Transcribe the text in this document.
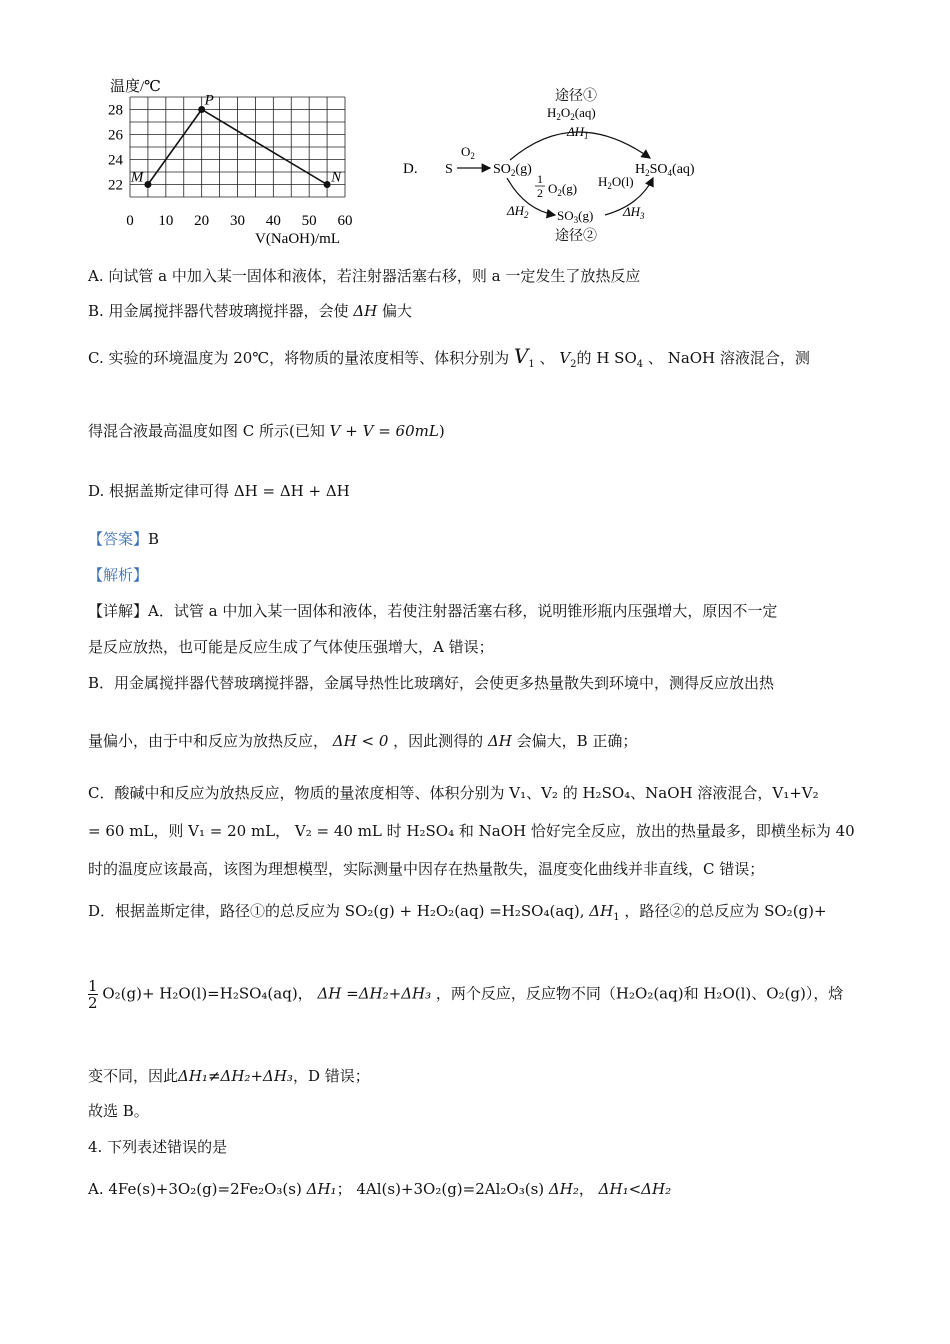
温度/℃
28
26
24
22
0 10 20 30 40 50 60
M
P
N
V(NaOH)/mL
D.
途径①
$H_2O_2(aq)$
$\Delta H_1$
S
$O_2$
$SO_2(g)$	$H_2SO_4(aq)$
1
2 $O_2(g)$ $H_2O(l)$
$\Delta H_2$ $SO_3(g)$ $\Delta H_3$
途径②
A. 向试管 a 中加入某一固体和液体，若注射器活塞右移，则 a 一定发生了放热反应
B. 用金属搅拌器代替玻璃搅拌器，会使 ΔH 偏大
C. 实验的环境温度为 20℃，将物质的量浓度相等、体积分别为 $V_1$ 、 $V_2$的 H $SO_4$ 、 NaOH 溶液混合，测
得混合液最高温度如图 C 所示(已知 V + V = 60mL)
D. 根据盖斯定律可得 ΔH = ΔH + ΔH
【答案】B
【解析】
【详解】A．试管 a 中加入某一固体和液体，若使注射器活塞右移，说明锥形瓶内压强增大，原因不一定
是反应放热，也可能是反应生成了气体使压强增大，A 错误；
B．用金属搅拌器代替玻璃搅拌器，金属导热性比玻璃好，会使更多热量散失到环境中，测得反应放出热
量偏小，由于中和反应为放热反应， ΔH < 0 ，因此测得的 ΔH 会偏大，B 正确；
C．酸碱中和反应为放热反应，物质的量浓度相等、体积分别为 V₁、V₂ 的 H₂SO₄、NaOH 溶液混合，V₁+V₂
= 60 mL，则 V₁ = 20 mL， V₂ = 40 mL 时 H₂SO₄ 和 NaOH 恰好完全反应，放出的热量最多，即横坐标为 40
时的温度应该最高，该图为理想模型，实际测量中因存在热量散失，温度变化曲线并非直线，C 错误；
D．根据盖斯定律，路径①的总反应为 SO₂(g) + H₂O₂(aq) =H₂SO₄(aq), $\Delta H_1$ ，路径②的总反应为 SO₂(g)+
$\frac{1}{2} O_2(g)+ H_2O(l)=H_2SO_4(aq)$， ΔH =ΔH₂+ΔH₃ ，两个反应，反应物不同（H₂O₂(aq)和 H₂O(l)、O₂(g)），焓
变不同，因此ΔH₁≠ΔH₂+ΔH₃，D 错误；
故选 B。
4. 下列表述错误的是
A. 4Fe(s)+3O₂(g)=2Fe₂O₃(s) ΔH₁； 4Al(s)+3O₂(g)=2Al₂O₃(s) ΔH₂， ΔH₁<ΔH₂
